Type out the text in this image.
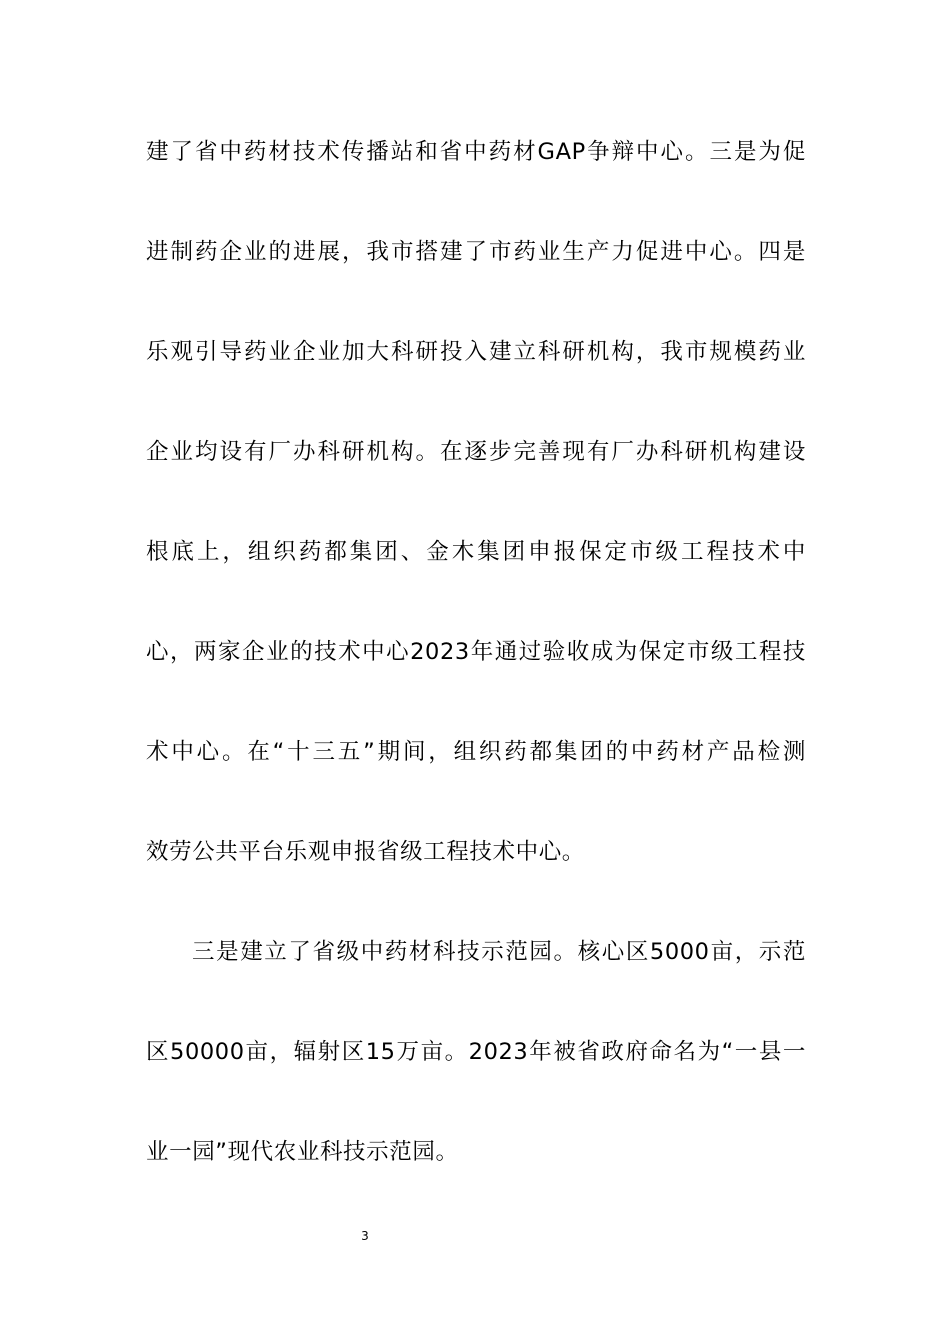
建了省中药材技术传播站和省中药材GAP争辩中心。三是为促
进制药企业的进展，我市搭建了市药业生产力促进中心。四是
乐观引导药业企业加大科研投入建立科研机构，我市规模药业
企业均设有厂办科研机构。在逐步完善现有厂办科研机构建设
根底上，组织药都集团、金木集团申报保定市级工程技术中
心，两家企业的技术中心2023年通过验收成为保定市级工程技
术中心。在“十三五”期间，组织药都集团的中药材产品检测
效劳公共平台乐观申报省级工程技术中心。
三是建立了省级中药材科技示范园。核心区5000亩，示范
区50000亩，辐射区15万亩。2023年被省政府命名为“一县一
业一园”现代农业科技示范园。
3
